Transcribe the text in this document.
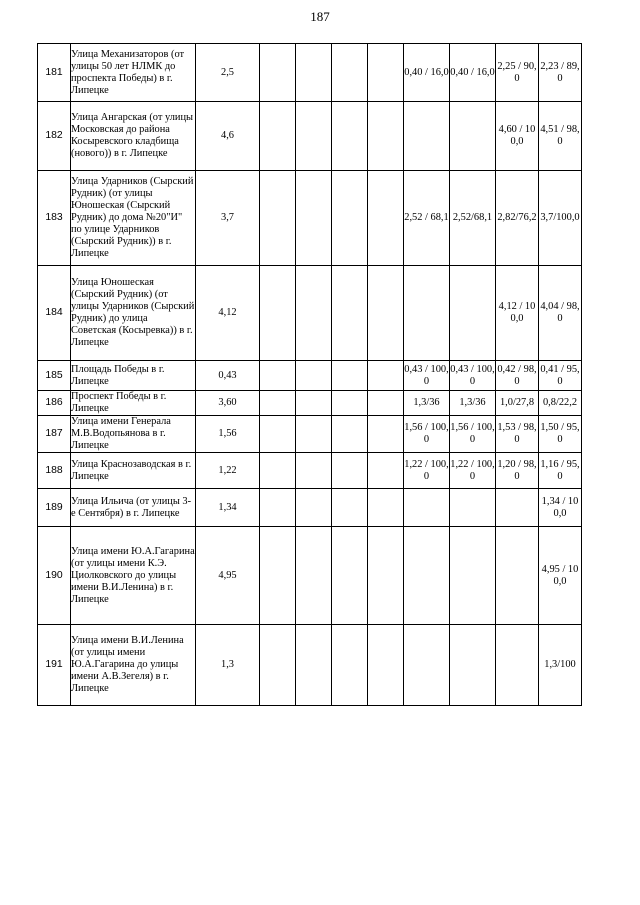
187
181	Улица Механизаторов (от улицы 50 лет НЛМК до проспекта Победы) в г. Липецке	2,5					0,40 / 16,0	0,40 / 16,0	2,25 / 90,0	2,23 / 89,0
182	Улица Ангарская (от улицы Московская до района Косыревского кладбища (нового)) в г. Липецке	4,6							4,60 / 100,0	4,51 / 98,0
183	Улица Ударников (Сырский Рудник) (от улицы Юношеская (Сырский Рудник) до дома №20"И" по улице Ударников (Сырский Рудник)) в г. Липецке	3,7					2,52 / 68,1	2,52/68,1	2,82/76,2	3,7/100,0
184	Улица Юношеская (Сырский Рудник) (от улицы Ударников (Сырский Рудник) до улица Советская (Косыревка)) в г. Липецке	4,12							4,12 / 100,0	4,04 / 98,0
185	Площадь Победы в г. Липецке	0,43					0,43 / 100,0	0,43 / 100,0	0,42 / 98,0	0,41 / 95,0
186	Проспект Победы в г. Липецке	3,60					1,3/36	1,3/36	1,0/27,8	0,8/22,2
187	Улица имени Генерала М.В.Водопьянова в г. Липецке	1,56					1,56 / 100,0	1,56 / 100,0	1,53 / 98,0	1,50 / 95,0
188	Улица Краснозаводская в г. Липецке	1,22					1,22 / 100,0	1,22 / 100,0	1,20 / 98,0	1,16 / 95,0
189	Улица Ильича (от улицы 3-е Сентября) в г. Липецке	1,34								1,34 / 100,0
190	Улица имени Ю.А.Гагарина (от улицы имени К.Э. Циолковского до улицы имени В.И.Ленина) в г. Липецке	4,95								4,95 / 100,0
191	Улица имени В.И.Ленина (от улицы имени Ю.А.Гагарина до улицы имени А.В.Зегеля) в г. Липецке	1,3								1,3/100
